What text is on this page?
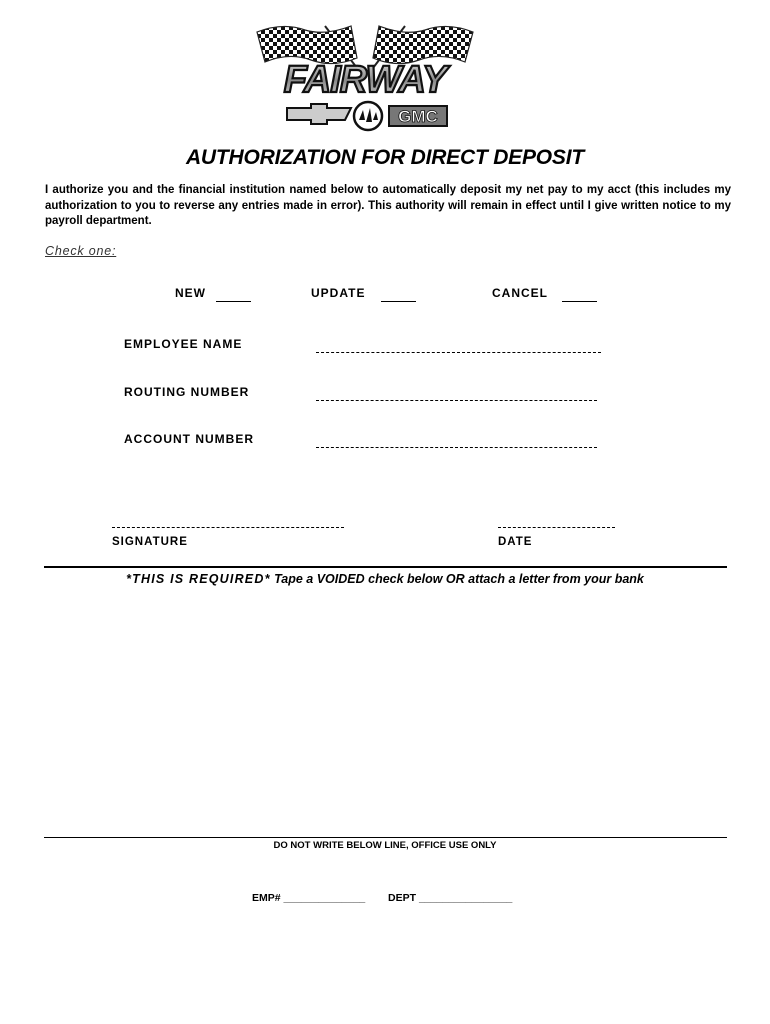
FAIRWAY
GMC
AUTHORIZATION FOR DIRECT DEPOSIT
I authorize you and the financial institution named below to automatically deposit my net pay to my acct (this includes my authorization to you to reverse any entries made in error). This authority will remain in effect until I give written notice to my payroll department.
Check one:
NEW	UPDATE	CANCEL
EMPLOYEE NAME
ROUTING NUMBER
ACCOUNT NUMBER
SIGNATURE	DATE
*THIS IS REQUIRED* Tape a VOIDED check below OR attach a letter from your bank
DO NOT WRITE BELOW LINE, OFFICE USE ONLY
EMP# ______________ DEPT ________________
